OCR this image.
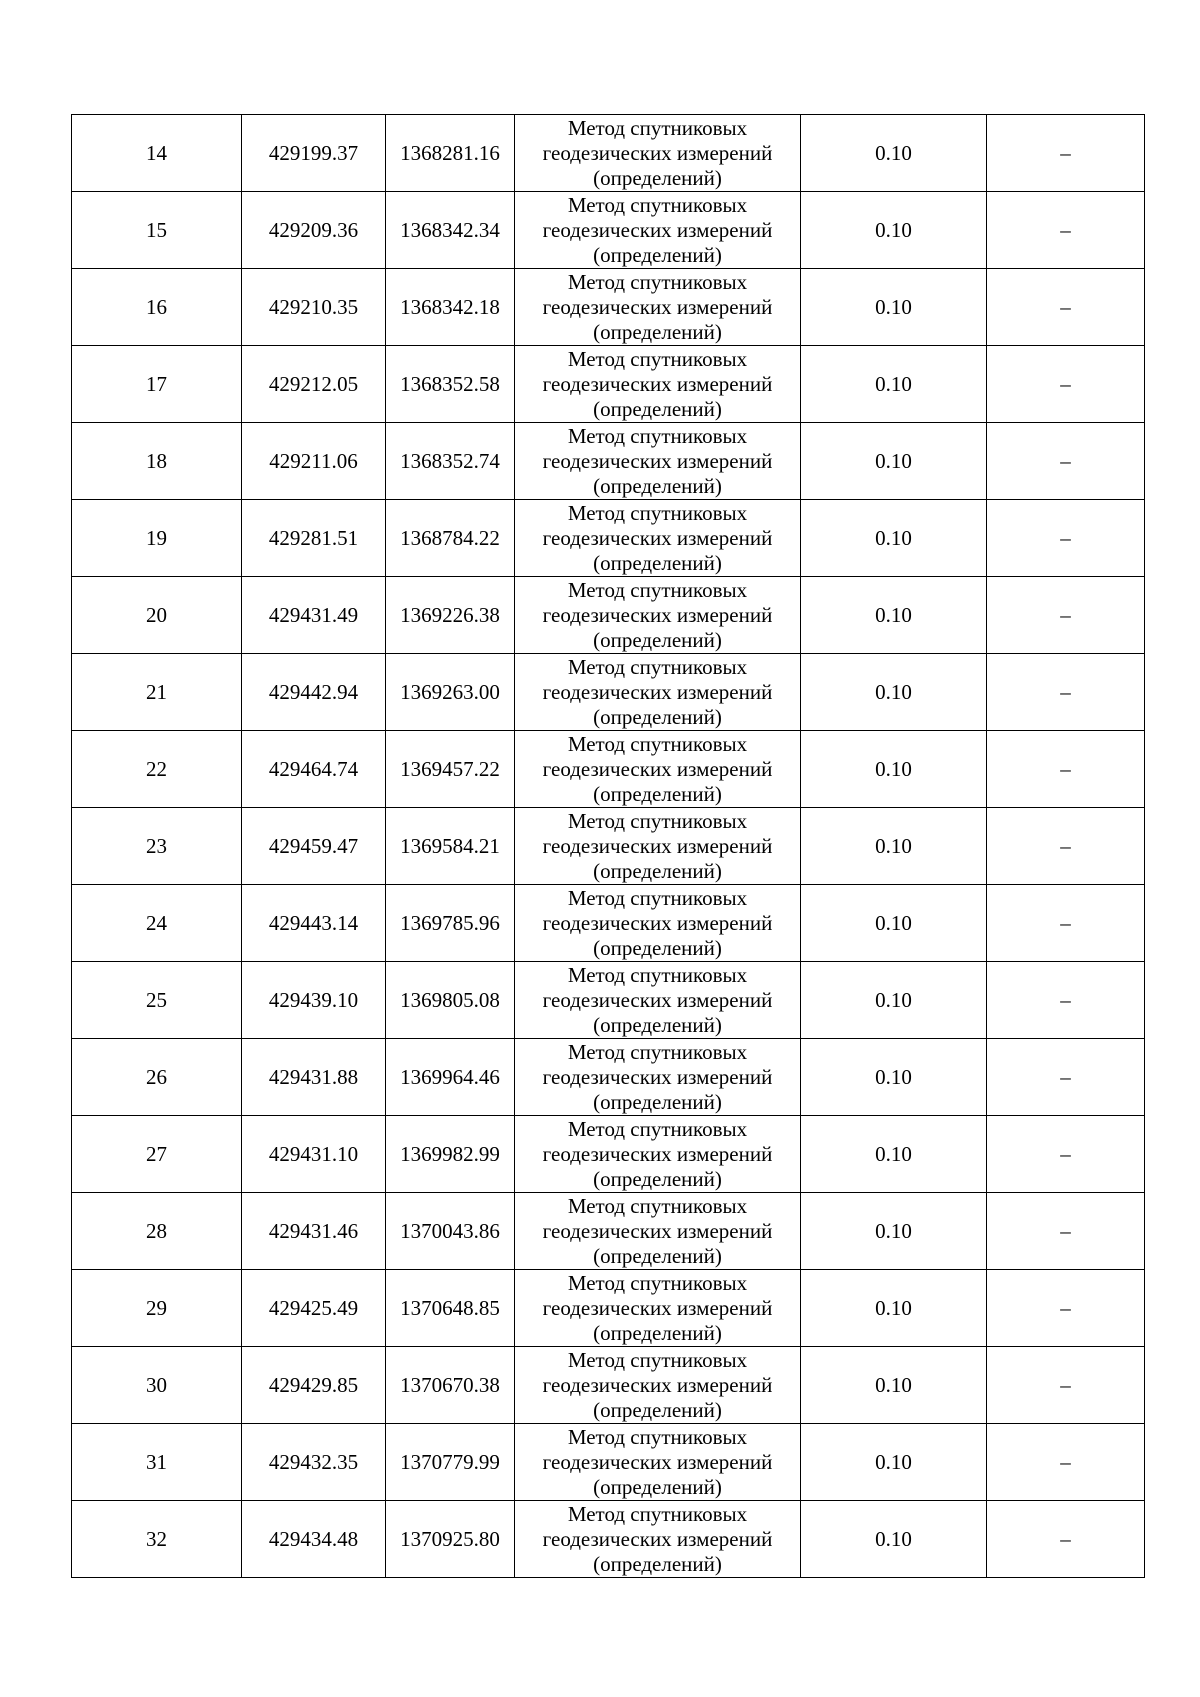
14	429199.37	1368281.16	Метод спутниковых геодезических измерений (определений)	0.10	–
15	429209.36	1368342.34	Метод спутниковых геодезических измерений (определений)	0.10	–
16	429210.35	1368342.18	Метод спутниковых геодезических измерений (определений)	0.10	–
17	429212.05	1368352.58	Метод спутниковых геодезических измерений (определений)	0.10	–
18	429211.06	1368352.74	Метод спутниковых геодезических измерений (определений)	0.10	–
19	429281.51	1368784.22	Метод спутниковых геодезических измерений (определений)	0.10	–
20	429431.49	1369226.38	Метод спутниковых геодезических измерений (определений)	0.10	–
21	429442.94	1369263.00	Метод спутниковых геодезических измерений (определений)	0.10	–
22	429464.74	1369457.22	Метод спутниковых геодезических измерений (определений)	0.10	–
23	429459.47	1369584.21	Метод спутниковых геодезических измерений (определений)	0.10	–
24	429443.14	1369785.96	Метод спутниковых геодезических измерений (определений)	0.10	–
25	429439.10	1369805.08	Метод спутниковых геодезических измерений (определений)	0.10	–
26	429431.88	1369964.46	Метод спутниковых геодезических измерений (определений)	0.10	–
27	429431.10	1369982.99	Метод спутниковых геодезических измерений (определений)	0.10	–
28	429431.46	1370043.86	Метод спутниковых геодезических измерений (определений)	0.10	–
29	429425.49	1370648.85	Метод спутниковых геодезических измерений (определений)	0.10	–
30	429429.85	1370670.38	Метод спутниковых геодезических измерений (определений)	0.10	–
31	429432.35	1370779.99	Метод спутниковых геодезических измерений (определений)	0.10	–
32	429434.48	1370925.80	Метод спутниковых геодезических измерений (определений)	0.10	–
